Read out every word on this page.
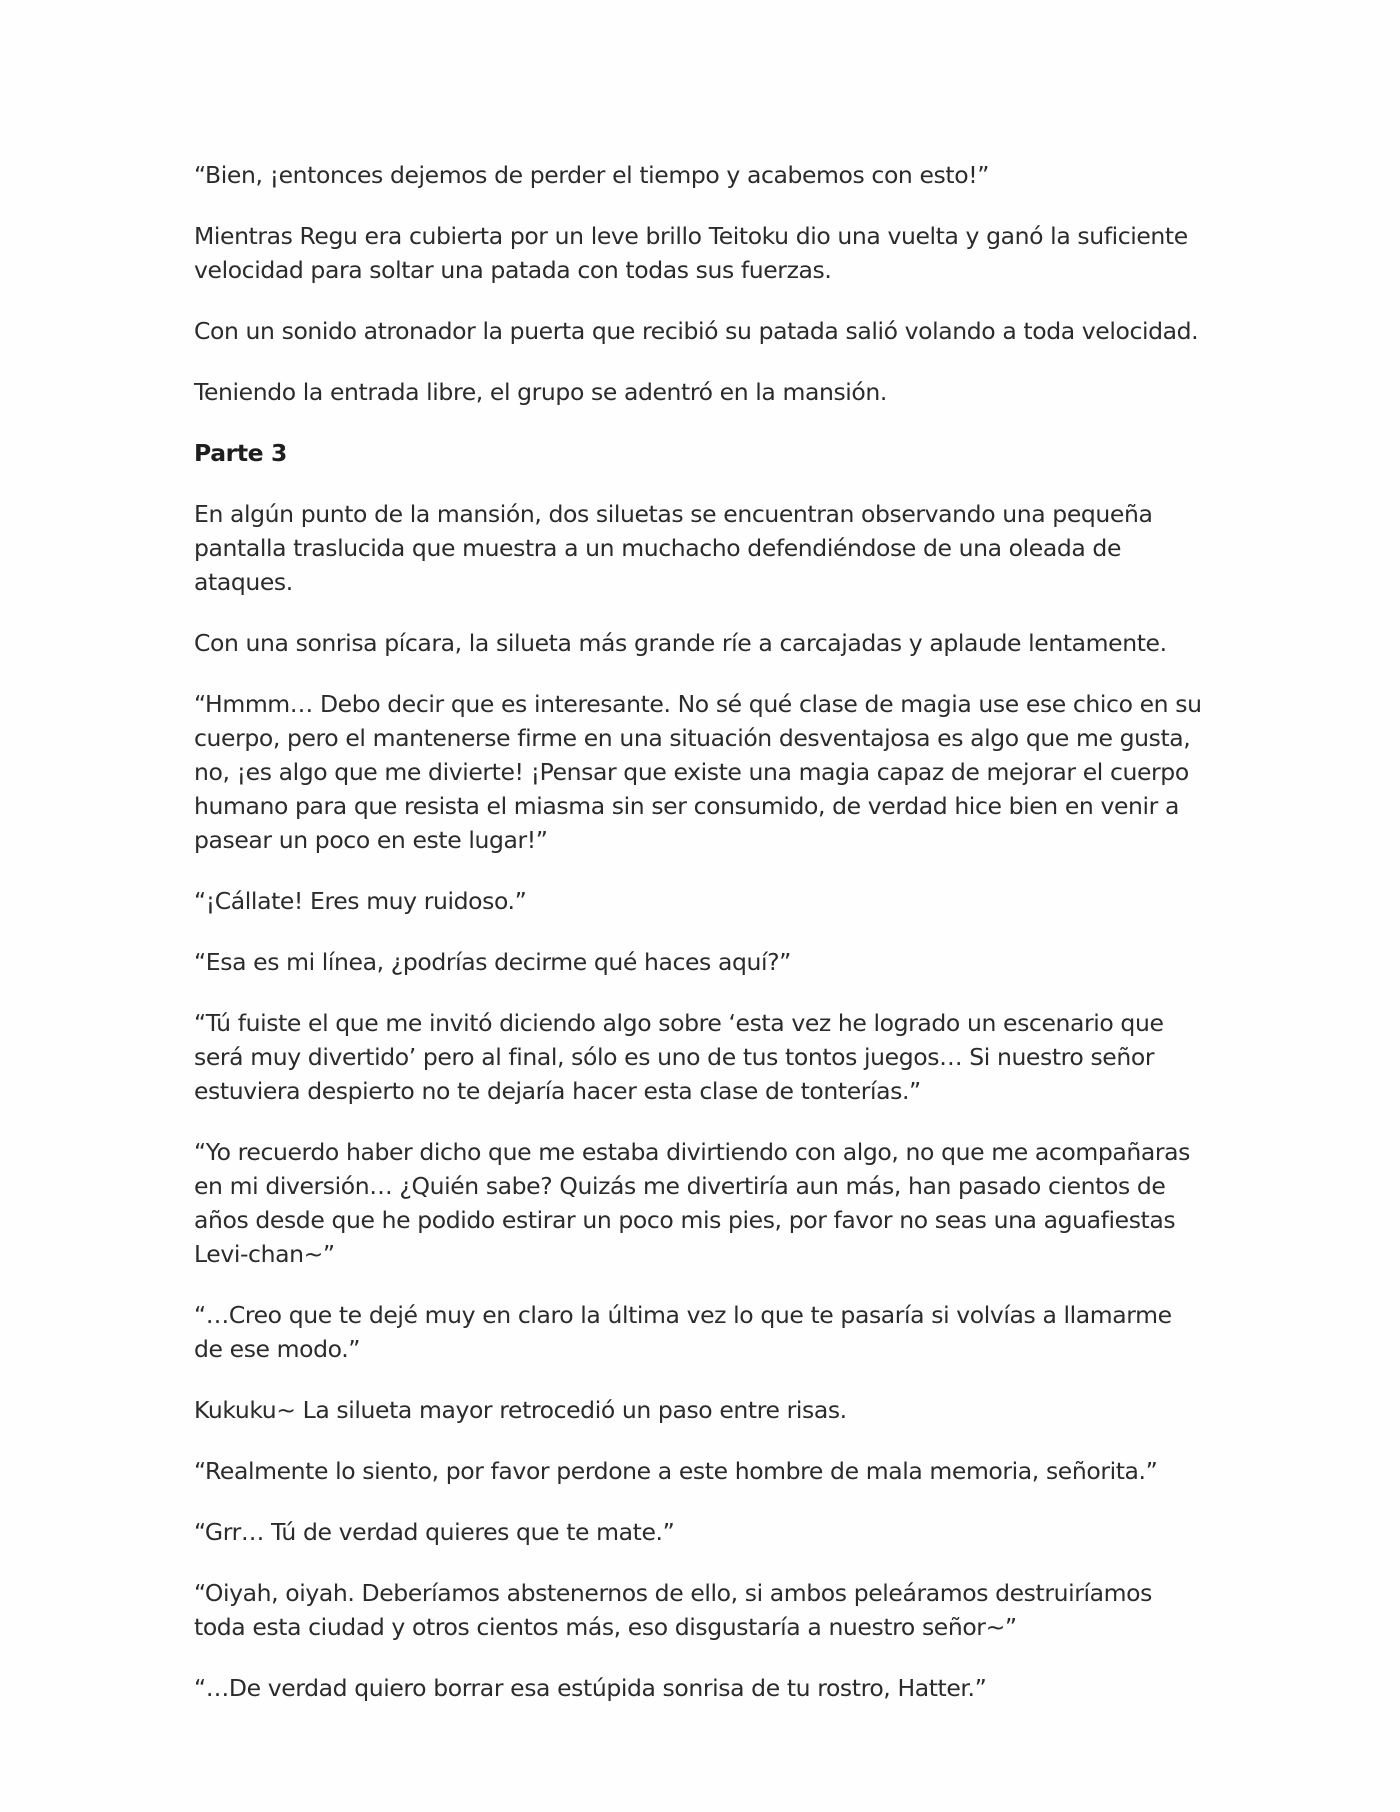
“Bien, ¡entonces dejemos de perder el tiempo y acabemos con esto!”

Mientras Regu era cubierta por un leve brillo Teitoku dio una vuelta y ganó la suficiente velocidad para soltar una patada con todas sus fuerzas.

Con un sonido atronador la puerta que recibió su patada salió volando a toda velocidad.

Teniendo la entrada libre, el grupo se adentró en la mansión.

Parte 3

En algún punto de la mansión, dos siluetas se encuentran observando una pequeña pantalla traslucida que muestra a un muchacho defendiéndose de una oleada de ataques.

Con una sonrisa pícara, la silueta más grande ríe a carcajadas y aplaude lentamente.

“Hmmm… Debo decir que es interesante. No sé qué clase de magia use ese chico en su cuerpo, pero el mantenerse firme en una situación desventajosa es algo que me gusta, no, ¡es algo que me divierte! ¡Pensar que existe una magia capaz de mejorar el cuerpo humano para que resista el miasma sin ser consumido, de verdad hice bien en venir a pasear un poco en este lugar!”

“¡Cállate! Eres muy ruidoso.”

“Esa es mi línea, ¿podrías decirme qué haces aquí?”

“Tú fuiste el que me invitó diciendo algo sobre ‘esta vez he logrado un escenario que será muy divertido’ pero al final, sólo es uno de tus tontos juegos… Si nuestro señor estuviera despierto no te dejaría hacer esta clase de tonterías.”

“Yo recuerdo haber dicho que me estaba divirtiendo con algo, no que me acompañaras en mi diversión… ¿Quién sabe? Quizás me divertiría aun más, han pasado cientos de años desde que he podido estirar un poco mis pies, por favor no seas una aguafiestas Levi-chan~”

“…Creo que te dejé muy en claro la última vez lo que te pasaría si volvías a llamarme de ese modo.”

Kukuku~ La silueta mayor retrocedió un paso entre risas.

“Realmente lo siento, por favor perdone a este hombre de mala memoria, señorita.”

“Grr… Tú de verdad quieres que te mate.”

“Oiyah, oiyah. Deberíamos abstenernos de ello, si ambos peleáramos destruiríamos toda esta ciudad y otros cientos más, eso disgustaría a nuestro señor~”

“…De verdad quiero borrar esa estúpida sonrisa de tu rostro, Hatter.”
